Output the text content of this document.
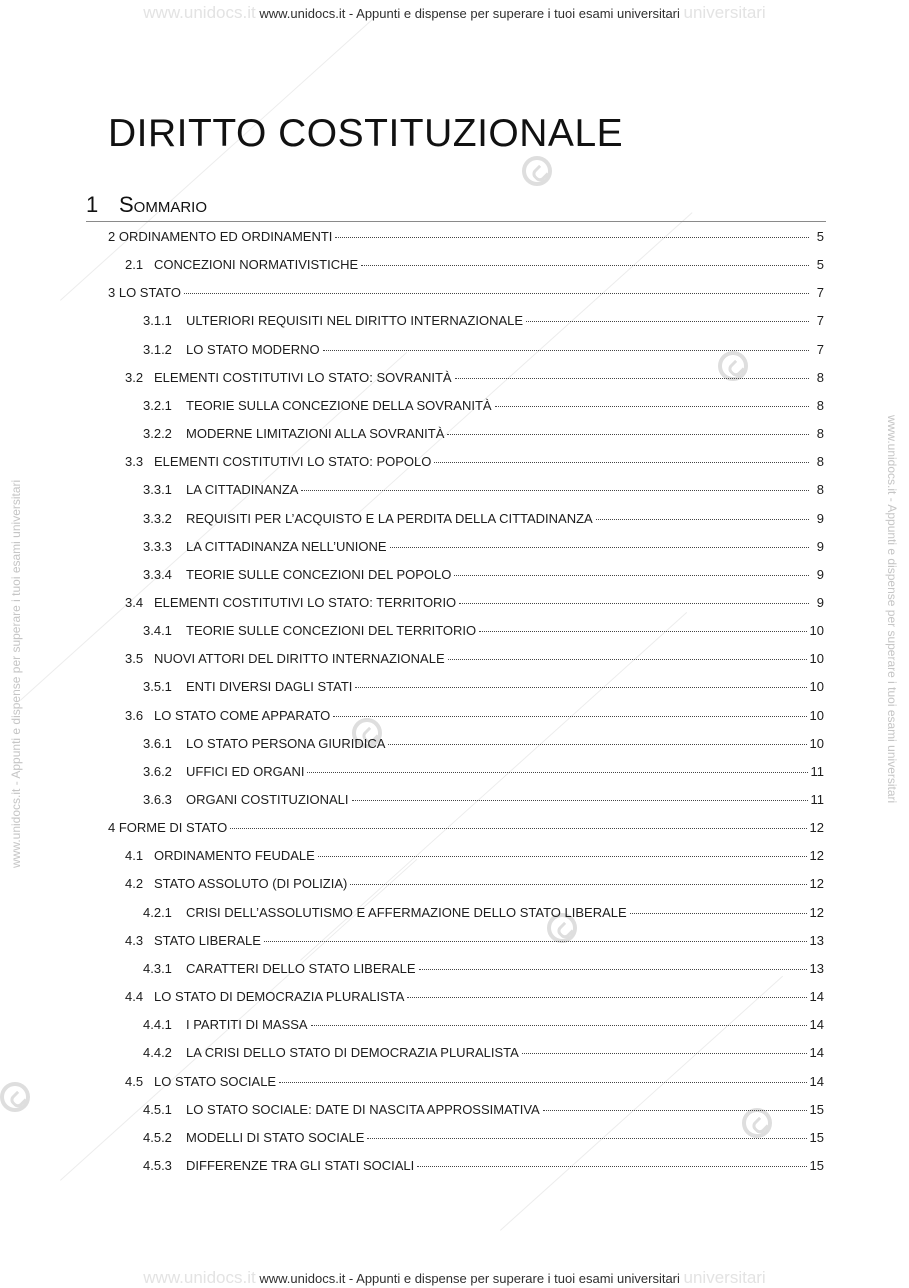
www.unidocs.it www.unidocs.it - Appunti e dispense per superare i tuoi esami universitari universitari
www.unidocs.it www.unidocs.it - Appunti e dispense per superare i tuoi esami universitari universitari
www.unidocs.it - Appunti e dispense per superare i tuoi esami universitari	www.unidocs.it - Appunti e dispense per superare i tuoi esami universitari
DIRITTO COSTITUZIONALE
1 Sommario
2 ORDINAMENTO ED ORDINAMENTI	5
2.1 CONCEZIONI NORMATIVISTICHE	5
3 LO STATO	7
3.1.1	ULTERIORI REQUISITI NEL DIRITTO INTERNAZIONALE	7
3.1.2	LO STATO MODERNO	7
3.2 ELEMENTI COSTITUTIVI LO STATO: SOVRANITÀ	8
3.2.1	TEORIE SULLA CONCEZIONE DELLA SOVRANITÀ	8
3.2.2	MODERNE LIMITAZIONI ALLA SOVRANITÀ	8
3.3 ELEMENTI COSTITUTIVI LO STATO: POPOLO	8
3.3.1	LA CITTADINANZA	8
3.3.2	REQUISITI PER L’ACQUISTO E LA PERDITA DELLA CITTADINANZA	9
3.3.3	LA CITTADINANZA NELL’UNIONE	9
3.3.4	TEORIE SULLE CONCEZIONI DEL POPOLO	9
3.4 ELEMENTI COSTITUTIVI LO STATO: TERRITORIO	9
3.4.1	TEORIE SULLE CONCEZIONI DEL TERRITORIO	10
3.5 NUOVI ATTORI DEL DIRITTO INTERNAZIONALE	10
3.5.1	ENTI DIVERSI DAGLI STATI	10
3.6 LO STATO COME APPARATO	10
3.6.1	LO STATO PERSONA GIURIDICA	10
3.6.2	UFFICI ED ORGANI	11
3.6.3	ORGANI COSTITUZIONALI	11
4 FORME DI STATO	12
4.1 ORDINAMENTO FEUDALE	12
4.2 STATO ASSOLUTO (DI POLIZIA)	12
4.2.1	CRISI DELL’ASSOLUTISMO E AFFERMAZIONE DELLO STATO LIBERALE	12
4.3 STATO LIBERALE	13
4.3.1	CARATTERI DELLO STATO LIBERALE	13
4.4 LO STATO DI DEMOCRAZIA PLURALISTA	14
4.4.1	I PARTITI DI MASSA	14
4.4.2	LA CRISI DELLO STATO DI DEMOCRAZIA PLURALISTA	14
4.5 LO STATO SOCIALE	14
4.5.1	LO STATO SOCIALE: DATE DI NASCITA APPROSSIMATIVA	15
4.5.2	MODELLI DI STATO SOCIALE	15
4.5.3	DIFFERENZE TRA GLI STATI SOCIALI	15
